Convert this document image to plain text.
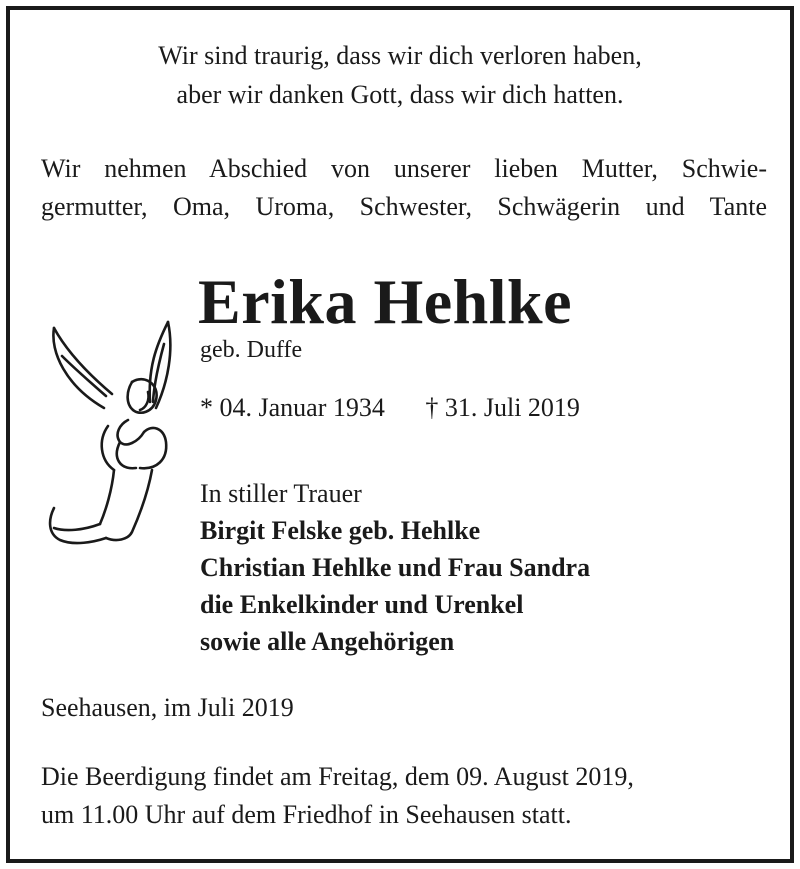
Wir sind traurig, dass wir dich verloren haben,
aber wir danken Gott, dass wir dich hatten.
Wir nehmen Abschied von unserer lieben Mutter, Schwie-
germutter, Oma, Uroma, Schwester, Schwägerin und Tante
Erika Hehlke
geb. Duffe
* 04. Januar 1934 † 31. Juli 2019
In stiller Trauer
Birgit Felske geb. Hehlke
Christian Hehlke und Frau Sandra
die Enkelkinder und Urenkel
sowie alle Angehörigen
Seehausen, im Juli 2019
Die Beerdigung findet am Freitag, dem 09. August 2019,
um 11.00 Uhr auf dem Friedhof in Seehausen statt.
